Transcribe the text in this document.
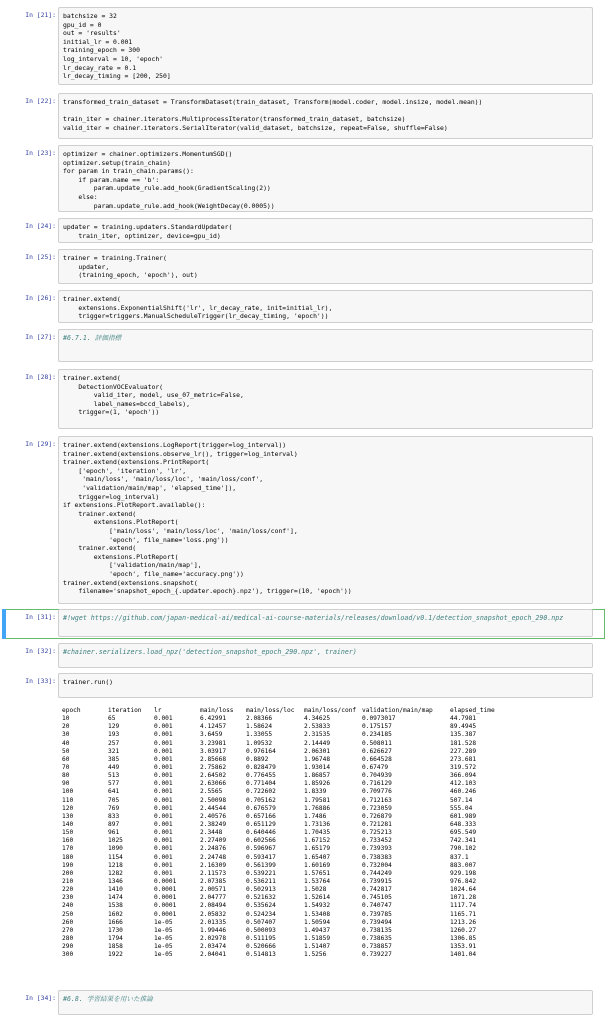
In [21]: batchsize = 32
gpu_id = 0
out = 'results'
initial_lr = 0.001
training_epoch = 300
log_interval = 10, 'epoch'
lr_decay_rate = 0.1
lr_decay_timing = [200, 250]
In [22]: transformed_train_dataset = TransformDataset(train_dataset, Transform(model.coder, model.insize, model.mean))

train_iter = chainer.iterators.MultiprocessIterator(transformed_train_dataset, batchsize)
valid_iter = chainer.iterators.SerialIterator(valid_dataset, batchsize, repeat=False, shuffle=False)
In [23]: optimizer = chainer.optimizers.MomentumSGD()
optimizer.setup(train_chain)
for param in train_chain.params():
if param.name == 'b':
param.update_rule.add_hook(GradientScaling(2))
else:
param.update_rule.add_hook(WeightDecay(0.0005))
In [24]: updater = training.updaters.StandardUpdater(
train_iter, optimizer, device=gpu_id)
In [25]: trainer = training.Trainer(
updater,
(training_epoch, 'epoch'), out)
In [26]: trainer.extend(
extensions.ExponentialShift('lr', lr_decay_rate, init=initial_lr),
trigger=triggers.ManualScheduleTrigger(lr_decay_timing, 'epoch'))
In [27]: #6.7.1. 評価指標
In [28]: trainer.extend(
DetectionVOCEvaluator(
valid_iter, model, use_07_metric=False,
label_names=bccd_labels),
trigger=(1, 'epoch'))
In [29]: trainer.extend(extensions.LogReport(trigger=log_interval))
trainer.extend(extensions.observe_lr(), trigger=log_interval)
trainer.extend(extensions.PrintReport(
['epoch', 'iteration', 'lr',
'main/loss', 'main/loss/loc', 'main/loss/conf',
'validation/main/map', 'elapsed_time']),
trigger=log_interval)
if extensions.PlotReport.available():
trainer.extend(
extensions.PlotReport(
['main/loss', 'main/loss/loc', 'main/loss/conf'],
'epoch', file_name='loss.png'))
trainer.extend(
extensions.PlotReport(
['validation/main/map'],
'epoch', file_name='accuracy.png'))
trainer.extend(extensions.snapshot(
filename='snapshot_epoch_{.updater.epoch}.npz'), trigger=(10, 'epoch'))
In [31]: #!wget https://github.com/japan-medical-ai/medical-ai-course-materials/releases/download/v0.1/detection_snapshot_epoch_290.npz
In [32]: #chainer.serializers.load_npz('detection_snapshot_epoch_290.npz', trainer)
In [33]: trainer.run()
epoch	iteration lr	main/loss main/loss/loc main/loss/conf validation/main/map	elapsed_time
10	65	0.001	6.42991	2.08366	4.34625	0.0973017	44.7981
20	129	0.001	4.12457	1.58624	2.53833	0.175157	89.4945
30	193	0.001	3.6459	1.33055	2.31535	0.234185	135.387
40	257	0.001	3.23981	1.09532	2.14449	0.508011	181.528
50	321	0.001	3.03917	0.976164	2.06301	0.626627	227.289
60	385	0.001	2.85668	0.8892	1.96748	0.664528	273.681
70	449	0.001	2.75862	0.828479	1.93014	0.67479	319.572
80	513	0.001	2.64502	0.776455	1.86857	0.704939	366.094
90	577	0.001	2.63066	0.771404	1.85926	0.716129	412.103
100	641	0.001	2.5565	0.722602	1.8339	0.709776	460.246
110	705	0.001	2.50098	0.705162	1.79581	0.712163	507.14
120	769	0.001	2.44544	0.676579	1.76886	0.723059	555.04
130	833	0.001	2.40576	0.657166	1.7486	0.726879	601.989
140	897	0.001	2.38249	0.651129	1.73136	0.721281	648.333
150	961	0.001	2.3448	0.640446	1.70435	0.725213	695.549
160	1025	0.001	2.27409	0.602566	1.67152	0.733452	742.341
170	1090	0.001	2.24876	0.596967	1.65179	0.739393	790.102
180	1154	0.001	2.24748	0.593417	1.65407	0.738383	837.1
190	1218	0.001	2.16309	0.561399	1.60169	0.732004	883.007
200	1282	0.001	2.11573	0.539221	1.57651	0.744249	929.198
210	1346	0.0001	2.07385	0.536211	1.53764	0.739915	976.842
220	1410	0.0001	2.00571	0.502913	1.5028	0.742817	1024.64
230	1474	0.0001	2.04777	0.521632	1.52614	0.745105	1071.28
240	1538	0.0001	2.08494	0.535624	1.54932	0.740747	1117.74
250	1602	0.0001	2.05832	0.524234	1.53408	0.739785	1165.71
260	1666	1e-05	2.01335	0.507407	1.50594	0.739494	1213.26
270	1730	1e-05	1.99446	0.500093	1.49437	0.738135	1260.27
280	1794	1e-05	2.02978	0.511195	1.51859	0.738635	1306.85
290	1858	1e-05	2.03474	0.520666	1.51407	0.738857	1353.91
300	1922	1e-05	2.04041	0.514813	1.5256	0.739227	1401.04
In [34]: #6.8. 学習結果を用いた推論
